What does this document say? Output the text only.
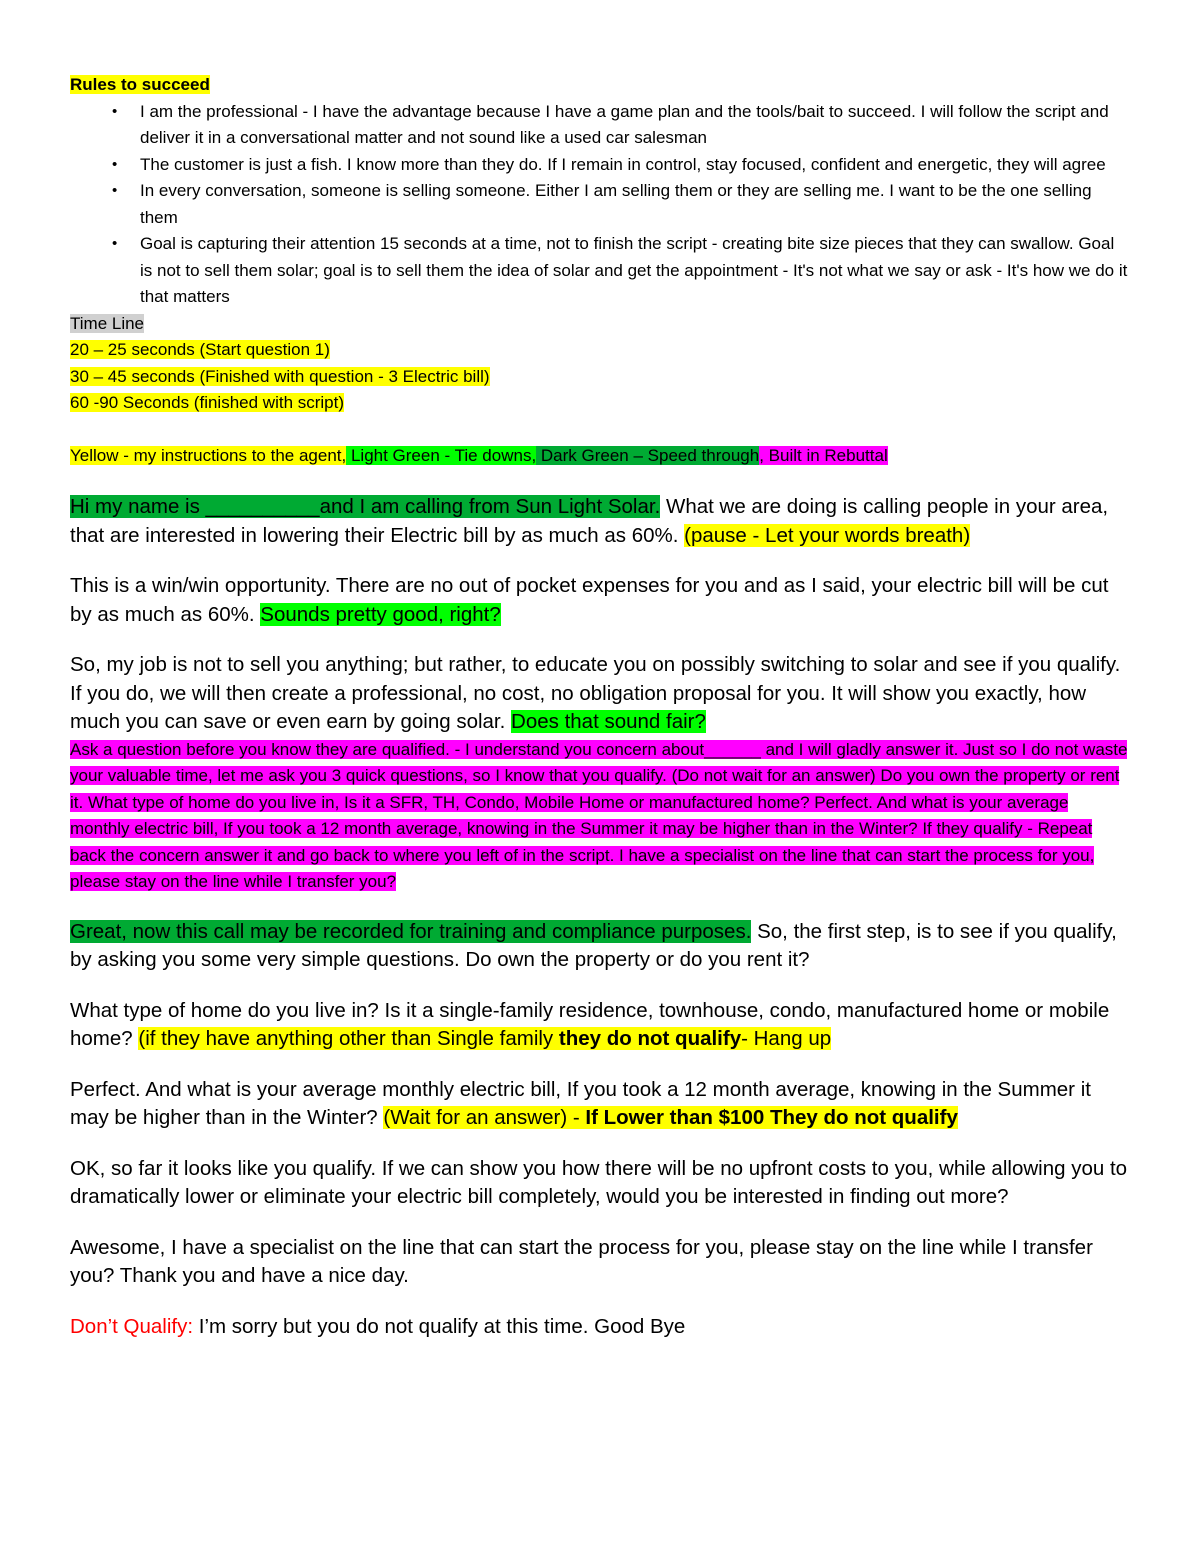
Rules to succeed
• I am the professional - I have the advantage because I have a game plan and the tools/bait to succeed. I will follow the script and deliver it in a conversational matter and not sound like a used car salesman
• The customer is just a fish. I know more than they do. If I remain in control, stay focused, confident and energetic, they will agree
• In every conversation, someone is selling someone. Either I am selling them or they are selling me. I want to be the one selling them
• Goal is capturing their attention 15 seconds at a time, not to finish the script - creating bite size pieces that they can swallow. Goal is not to sell them solar; goal is to sell them the idea of solar and get the appointment - It's not what we say or ask - It's how we do it that matters
Time Line
20 – 25 seconds (Start question 1)
30 – 45 seconds (Finished with question - 3 Electric bill)
60 -90 Seconds (finished with script)
Yellow - my instructions to the agent, Light Green - Tie downs, Dark Green – Speed through, Built in Rebuttal
Hi my name is __________and I am calling from Sun Light Solar. What we are doing is calling people in your area, that are interested in lowering their Electric bill by as much as 60%. (pause - Let your words breath)
This is a win/win opportunity. There are no out of pocket expenses for you and as I said, your electric bill will be cut by as much as 60%. Sounds pretty good, right?
So, my job is not to sell you anything; but rather, to educate you on possibly switching to solar and see if you qualify. If you do, we will then create a professional, no cost, no obligation proposal for you. It will show you exactly, how much you can save or even earn by going solar. Does that sound fair?
Ask a question before you know they are qualified. - I understand you concern about______ and I will gladly answer it. Just so I do not waste your valuable time, let me ask you 3 quick questions, so I know that you qualify. (Do not wait for an answer) Do you own the property or rent it. What type of home do you live in, Is it a SFR, TH, Condo, Mobile Home or manufactured home? Perfect. And what is your average monthly electric bill, If you took a 12 month average, knowing in the Summer it may be higher than in the Winter? If they qualify - Repeat back the concern answer it and go back to where you left of in the script. I have a specialist on the line that can start the process for you, please stay on the line while I transfer you?
Great, now this call may be recorded for training and compliance purposes. So, the first step, is to see if you qualify, by asking you some very simple questions. Do own the property or do you rent it?
What type of home do you live in? Is it a single-family residence, townhouse, condo, manufactured home or mobile home? (if they have anything other than Single family they do not qualify- Hang up
Perfect. And what is your average monthly electric bill, If you took a 12 month average, knowing in the Summer it may be higher than in the Winter? (Wait for an answer) - If Lower than $100 They do not qualify
OK, so far it looks like you qualify. If we can show you how there will be no upfront costs to you, while allowing you to dramatically lower or eliminate your electric bill completely, would you be interested in finding out more?
Awesome, I have a specialist on the line that can start the process for you, please stay on the line while I transfer you? Thank you and have a nice day.
Don’t Qualify: I’m sorry but you do not qualify at this time. Good Bye
